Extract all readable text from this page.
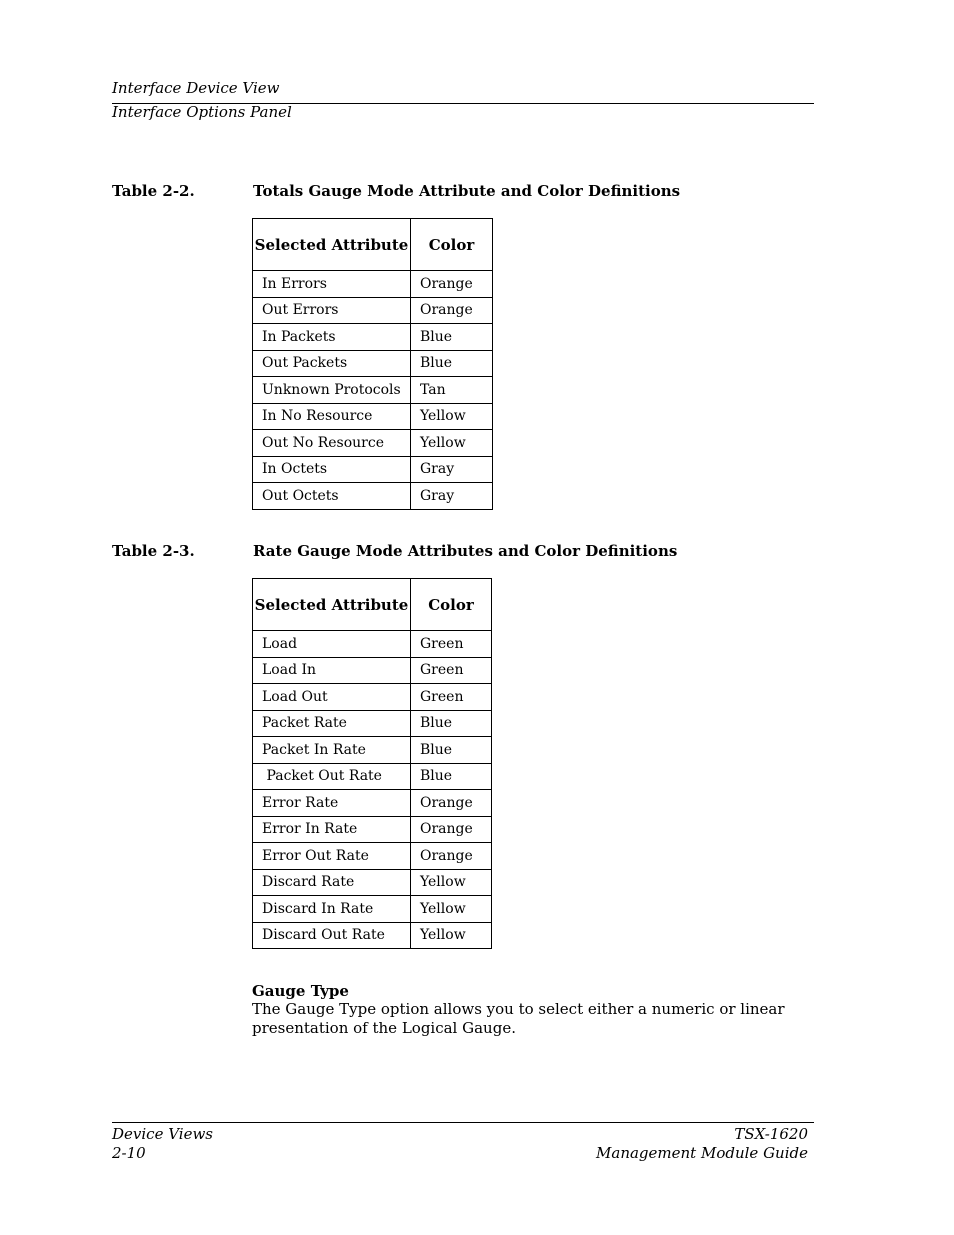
Interface Device View
Interface Options Panel
Table 2-2.	Totals Gauge Mode Attribute and Color Definitions
Selected Attribute	Color
In Errors	Orange
Out Errors	Orange
In Packets	Blue
Out Packets	Blue
Unknown Protocols	Tan
In No Resource	Yellow
Out No Resource	Yellow
In Octets	Gray
Out Octets	Gray
Table 2-3.	Rate Gauge Mode Attributes and Color Definitions
Selected Attribute	Color
Load	Green
Load In	Green
Load Out	Green
Packet Rate	Blue
Packet In Rate	Blue
Packet Out Rate	Blue
Error Rate	Orange
Error In Rate	Orange
Error Out Rate	Orange
Discard Rate	Yellow
Discard In Rate	Yellow
Discard Out Rate	Yellow
Gauge Type
The Gauge Type option allows you to select either a numeric or linear presentation of the Logical Gauge.
Device Views
2-10
TSX-1620
Management Module Guide
